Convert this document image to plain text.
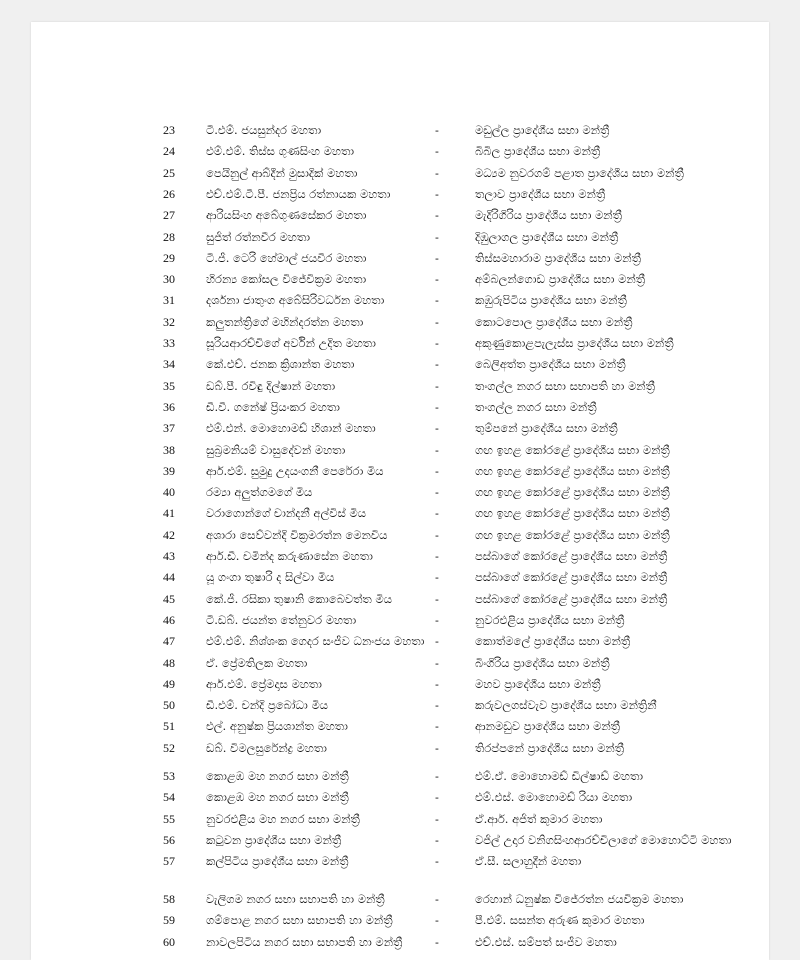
23	ටී.එම්. ජයසුන්දර මහතා	-	මඩුල්ල ප්‍රාදේශීය සභා මන්ත්‍රී
24	එම්.එම්. තිස්ස ගුණසිංහ මහතා	-	බිබිල ප්‍රාදේශීය සභා මන්ත්‍රී
25	පෙයිනුල් ආබ්දීන් මුසාදික් මහතා	-	මධ්‍යම නුවරගම් පළාත ප්‍රාදේශීය සභා මන්ත්‍රී
26	එච්.එම්.ටී.පී. ජනප්‍රිය රත්නායක මහතා	-	තලාව ප්‍රාදේශීය සභා මන්ත්‍රී
27	ආරියසිංහ අබේගුණසේකර මහතා	-	මැදිරිගිරිය ප්‍රාදේශීය සභා මන්ත්‍රී
28	සුජිත් රත්නවීර මහතා	-	දිඹුලාගල ප්‍රාදේශීය සභා මන්ත්‍රී
29	ටී.ජී. ටෙරි හේමාල් ජයවීර මහතා	-	තිස්සමහාරාම ප්‍රාදේශීය සභා මන්ත්‍රී
30	හිරන්‍ය කෝසල විජේවික්‍රම මහතා	-	අම්බලන්ගොඩ ප්‍රාදේශීය සභා මන්ත්‍රී
31	දර්ශනා ජාතුංග අබේසිරිවර්ධන මහතා	-	කඹුරුපිටිය ප්‍රාදේශීය සභා මන්ත්‍රී
32	කලුතන්ත්‍රිගේ මහින්දරත්න මහතා	-	කොටපොල ප්‍රාදේශීය සභා මන්ත්‍රී
33	සූරියආරච්චිගේ අර්වින් උදිත මහතා	-	අකුණුකොළපැලැස්ස ප්‍රාදේශීය සභා මන්ත්‍රී
34	කේ.එච්. ජනක ක්‍රිශාන්ත මහතා	-	බෙලිඅත්ත ප්‍රාදේශීය සභා මන්ත්‍රී
35	ඩබ්.පී. රවිඳු දිල්ෂාන් මහතා	-	තංගල්ල නගර සභා සභාපති හා මන්ත්‍රී
36	ඩී.වී. ගනේෂ් ප්‍රියංකර මහතා	-	තංගල්ල නගර සභා මන්ත්‍රී
37	එම්.එන්. මොහොමඩ් හිශාන් මහතා	-	තුම්පනේ ප්‍රාදේශීය සභා මන්ත්‍රී
38	සුබ්‍රමනියම් වාසුදේවන් මහතා	-	ගඟ ඉහළ කෝරළේ ප්‍රාදේශීය සභා මන්ත්‍රී
39	ආර්.එම්. සුමුදු උදයංගනී පෙරේරා මිය	-	ගඟ ඉහළ කෝරළේ ප්‍රාදේශීය සභා මන්ත්‍රී
40	රම්‍යා අලුත්ගමගේ මිය	-	ගඟ ඉහළ කෝරළේ ප්‍රාදේශීය සභා මන්ත්‍රී
41	වරාගොන්ගේ චාන්දනී අල්විස් මිය	-	ගඟ ඉහළ කෝරළේ ප්‍රාදේශීය සභා මන්ත්‍රී
42	අශාරා සෙව්වන්දි වික්‍රමරත්න මෙනවිය	-	ගඟ ඉහළ කෝරළේ ප්‍රාදේශීය සභා මන්ත්‍රී
43	ආර්.ඩී. චමින්ද කරුණාසේන මහතා	-	පස්බාගේ කෝරළේ ප්‍රාදේශීය සභා මන්ත්‍රී
44	යූ ගංගා තුෂාරි ද සිල්වා මිය	-	පස්බාගේ කෝරළේ ප්‍රාදේශීය සභා මන්ත්‍රී
45	කේ.ජී. රසිකා තුෂානි කොබෙවත්ත මිය	-	පස්බාගේ කෝරළේ ප්‍රාදේශීය සභා මන්ත්‍රී
46	ටී.ඩබ්. ජයන්ත තේනුවර මහතා	-	නුවරඑළිය ප්‍රාදේශීය සභා මන්ත්‍රී
47	එම්.එම්. නිශ්ශංක ගෙදර සංජීව ධනංජය මහතා -	කොත්මලේ ප්‍රාදේශීය සභා මන්ත්‍රී
48	ඒ. ප්‍රේමතිලක මහතා	-	බිංගිරිය ප්‍රාදේශීය සභා මන්ත්‍රී
49	ආර්.එම්. ප්‍රේමදාස මහතා	-	මහව ප්‍රාදේශීය සභා මන්ත්‍රී
50	ඩී.එම්. චන්දි ප්‍රබෝධා මිය	-	කරුවලගස්වැව ප්‍රාදේශීය සභා මන්ත්‍රිනී
51	එල්. අනුෂ්ක ප්‍රියශාන්ත මහතා	-	ආනමඩුව ප්‍රාදේශීය සභා මන්ත්‍රී
52	ඩබ්. විමලසුරේන්ද්‍ර මහතා	-	තිරප්පනේ ප්‍රාදේශීය සභා මන්ත්‍රී
53	කොළඹ මහ නගර සභා මන්ත්‍රී	-	එම්.ඒ. මොහොමඩ් ඩිල්ෂාඩ් මහතා
54	කොළඹ මහ නගර සභා මන්ත්‍රී	-	එම්.එස්. මොහොමඩ් රියා මහතා
55	නුවරඑළිය මහ නගර සභා මන්ත්‍රී	-	ඒ.ආර්. අජිත් කුමාර මහතා
56	කටුවන ප්‍රාදේශීය සභා මන්ත්‍රී	-	වජිල් උදාර වනිගසිංහආරච්චිලාගේ මොහොට්ටි මහතා
57	කල්පිටිය ප්‍රාදේශීය සභා මන්ත්‍රී	-	ඒ.සී. සලාහුදීන් මහතා
58	වැලිගම නගර සභා සභාපති හා මන්ත්‍රී	-	රෙහාන් ධනුෂ්ක විජේරත්න ජයවික්‍රම මහතා
59	ගම්පොළ නගර සභා සභාපති හා මන්ත්‍රී	-	පී.එම්. සසන්ත අරුණ කුමාර මහතා
60	නාවලපිටිය නගර සභා සභාපති හා මන්ත්‍රී	-	එච්.එස්. සම්පත් සංජීව මහතා
